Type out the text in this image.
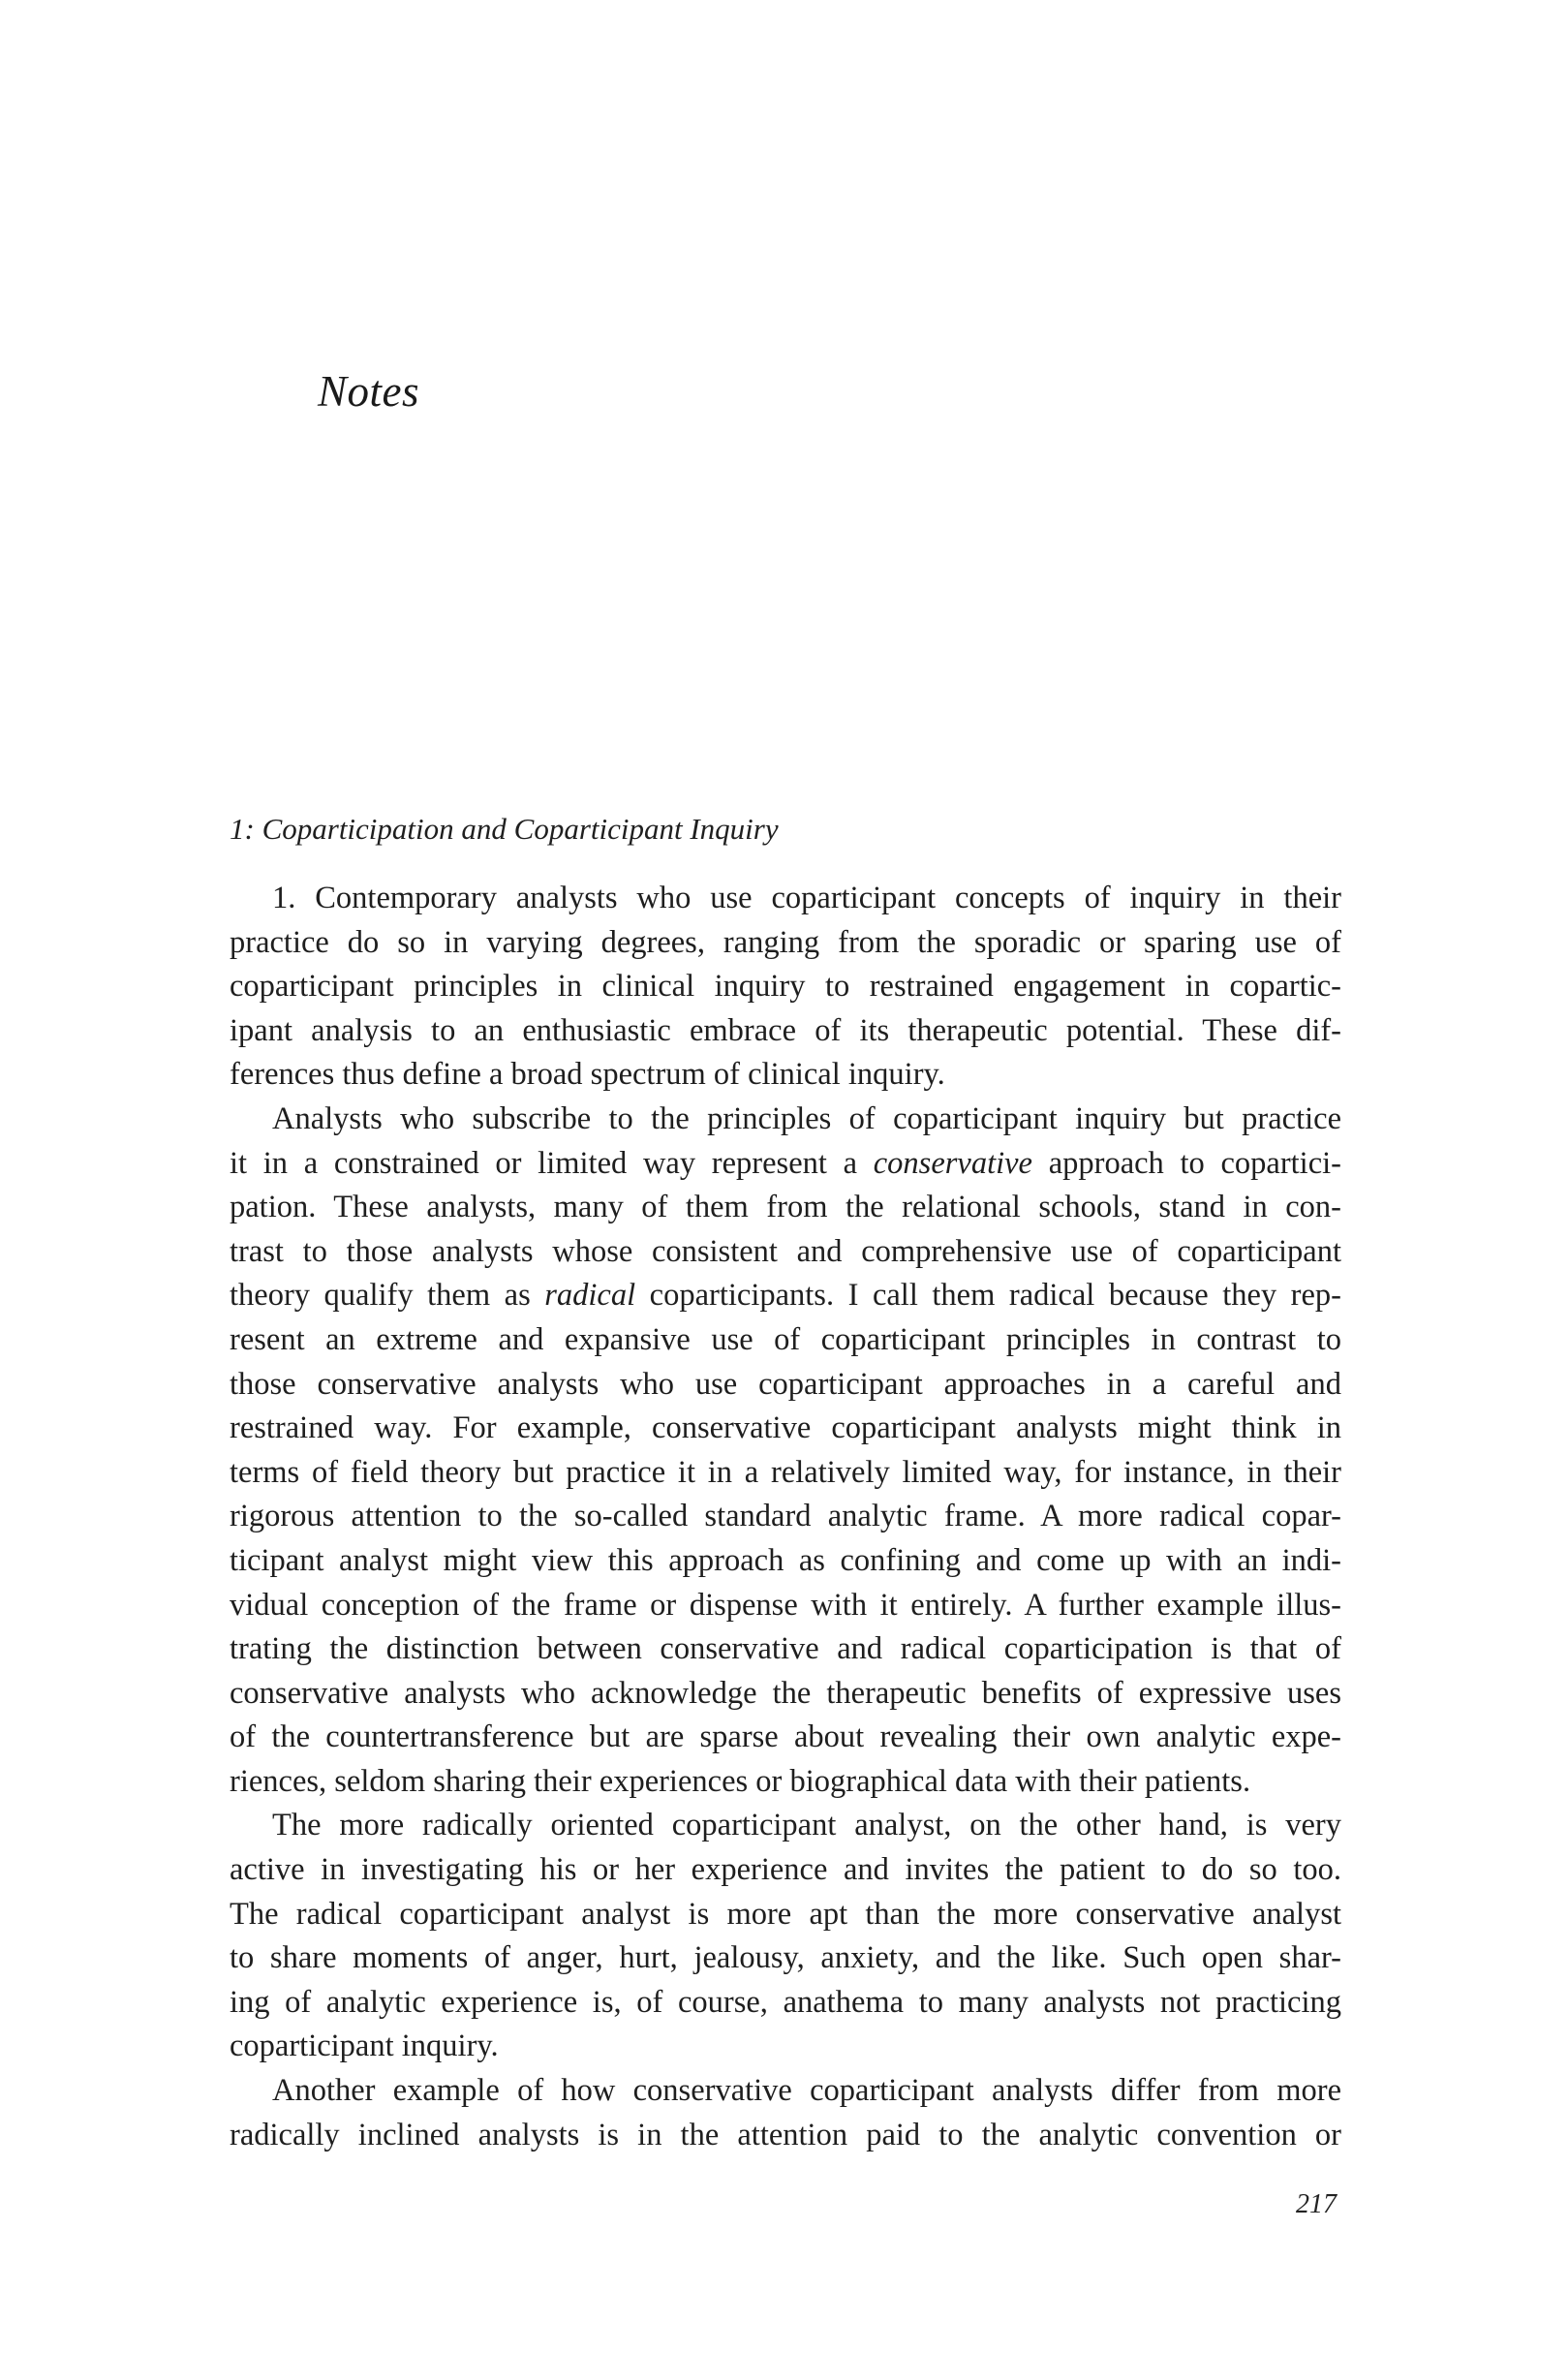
Notes
1: Coparticipation and Coparticipant Inquiry
1. Contemporary analysts who use coparticipant concepts of inquiry in their
practice do so in varying degrees, ranging from the sporadic or sparing use of
coparticipant principles in clinical inquiry to restrained engagement in copartic-
ipant analysis to an enthusiastic embrace of its therapeutic potential. These dif-
ferences thus define a broad spectrum of clinical inquiry.
Analysts who subscribe to the principles of coparticipant inquiry but practice
it in a constrained or limited way represent a conservative approach to copartici-
pation. These analysts, many of them from the relational schools, stand in con-
trast to those analysts whose consistent and comprehensive use of coparticipant
theory qualify them as radical coparticipants. I call them radical because they rep-
resent an extreme and expansive use of coparticipant principles in contrast to
those conservative analysts who use coparticipant approaches in a careful and
restrained way. For example, conservative coparticipant analysts might think in
terms of field theory but practice it in a relatively limited way, for instance, in their
rigorous attention to the so-called standard analytic frame. A more radical copar-
ticipant analyst might view this approach as confining and come up with an indi-
vidual conception of the frame or dispense with it entirely. A further example illus-
trating the distinction between conservative and radical coparticipation is that of
conservative analysts who acknowledge the therapeutic benefits of expressive uses
of the countertransference but are sparse about revealing their own analytic expe-
riences, seldom sharing their experiences or biographical data with their patients.
The more radically oriented coparticipant analyst, on the other hand, is very
active in investigating his or her experience and invites the patient to do so too.
The radical coparticipant analyst is more apt than the more conservative analyst
to share moments of anger, hurt, jealousy, anxiety, and the like. Such open shar-
ing of analytic experience is, of course, anathema to many analysts not practicing
coparticipant inquiry.
Another example of how conservative coparticipant analysts differ from more
radically inclined analysts is in the attention paid to the analytic convention or
217
